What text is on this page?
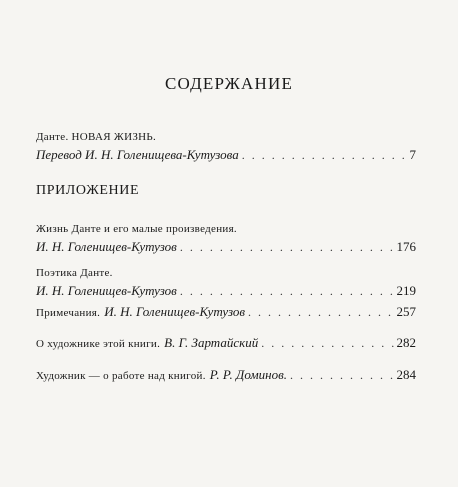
СОДЕРЖАНИЕ
Данте. НОВАЯ ЖИЗНЬ.
Перевод И. Н. Голенищева-Кутузова . . .	7
ПРИЛОЖЕНИЕ
Жизнь Данте и его малые произведения.
И. Н. Голенищев-Кутузов . . .	176
Поэтика Данте.
И. Н. Голенищев-Кутузов . . .	219
Примечания. И. Н. Голенищев-Кутузов . . .	257
О художнике этой книги. В. Г. Зартайский . . .	282
Художник — о работе над книгой. Р. Р. Доминов. . . .	284
